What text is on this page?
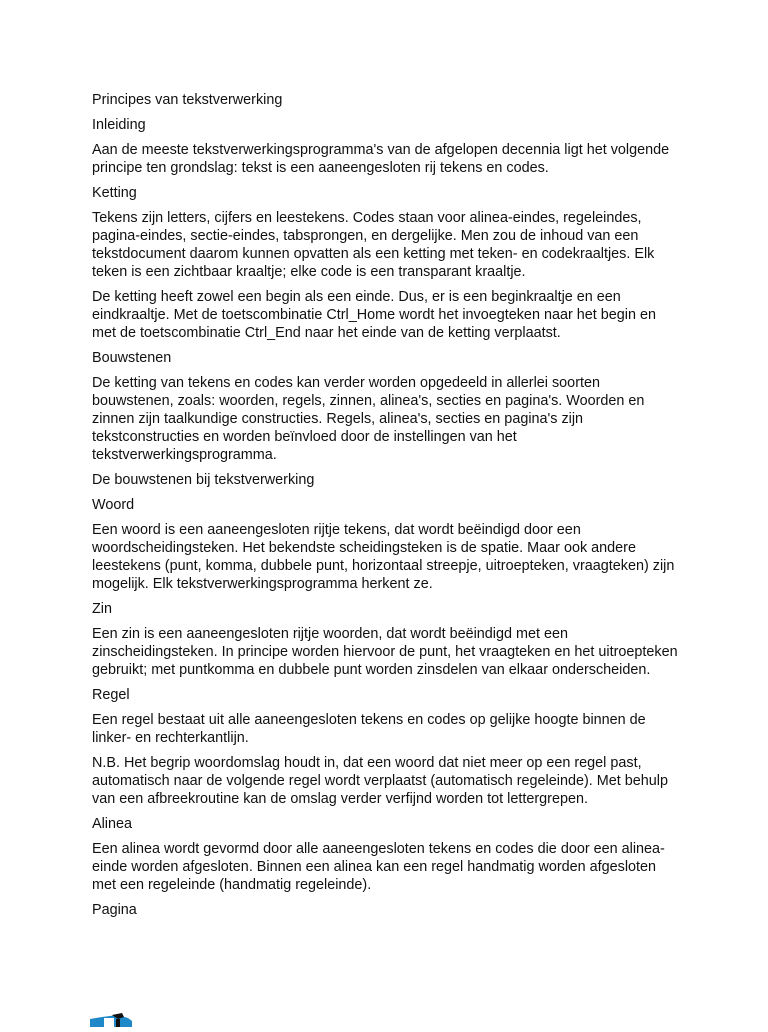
Principes van tekstverwerking

Inleiding

Aan de meeste tekstverwerkingsprogramma's van de afgelopen decennia ligt het volgende principe ten grondslag: tekst is een aaneengesloten rij tekens en codes.

Ketting

Tekens zijn letters, cijfers en leestekens. Codes staan voor alinea-eindes, regeleindes, pagina-eindes, sectie-eindes, tabsprongen, en dergelijke. Men zou de inhoud van een tekstdocument daarom kunnen opvatten als een ketting met teken- en codekraaltjes. Elk teken is een zichtbaar kraaltje; elke code is een transparant kraaltje.

De ketting heeft zowel een begin als een einde. Dus, er is een beginkraaltje en een eindkraaltje. Met de toetscombinatie Ctrl_Home wordt het invoegteken naar het begin en met de toetscombinatie Ctrl_End naar het einde van de ketting verplaatst.

Bouwstenen

De ketting van tekens en codes kan verder worden opgedeeld in allerlei soorten bouwstenen, zoals: woorden, regels, zinnen, alinea's, secties en pagina's. Woorden en zinnen zijn taalkundige constructies. Regels, alinea's, secties en pagina's zijn tekstconstructies en worden beïnvloed door de instellingen van het tekstverwerkingsprogramma.

De bouwstenen bij tekstverwerking

Woord

Een woord is een aaneengesloten rijtje tekens, dat wordt beëindigd door een woordscheidingsteken. Het bekendste scheidingsteken is de spatie. Maar ook andere leestekens (punt, komma, dubbele punt, horizontaal streepje, uitroepteken, vraagteken) zijn mogelijk. Elk tekstverwerkingsprogramma herkent ze.

Zin

Een zin is een aaneengesloten rijtje woorden, dat wordt beëindigd met een zinscheidingsteken. In principe worden hiervoor de punt, het vraagteken en het uitroepteken gebruikt; met puntkomma en dubbele punt worden zinsdelen van elkaar onderscheiden.

Regel

Een regel bestaat uit alle aaneengesloten tekens en codes op gelijke hoogte binnen de linker- en rechterkantlijn.

N.B. Het begrip woordomslag houdt in, dat een woord dat niet meer op een regel past, automatisch naar de volgende regel wordt verplaatst (automatisch regeleinde). Met behulp van een afbreekroutine kan de omslag verder verfijnd worden tot lettergrepen.

Alinea

Een alinea wordt gevormd door alle aaneengesloten tekens en codes die door een alinea-einde worden afgesloten. Binnen een alinea kan een regel handmatig worden afgesloten met een regeleinde (handmatig regeleinde).

Pagina
